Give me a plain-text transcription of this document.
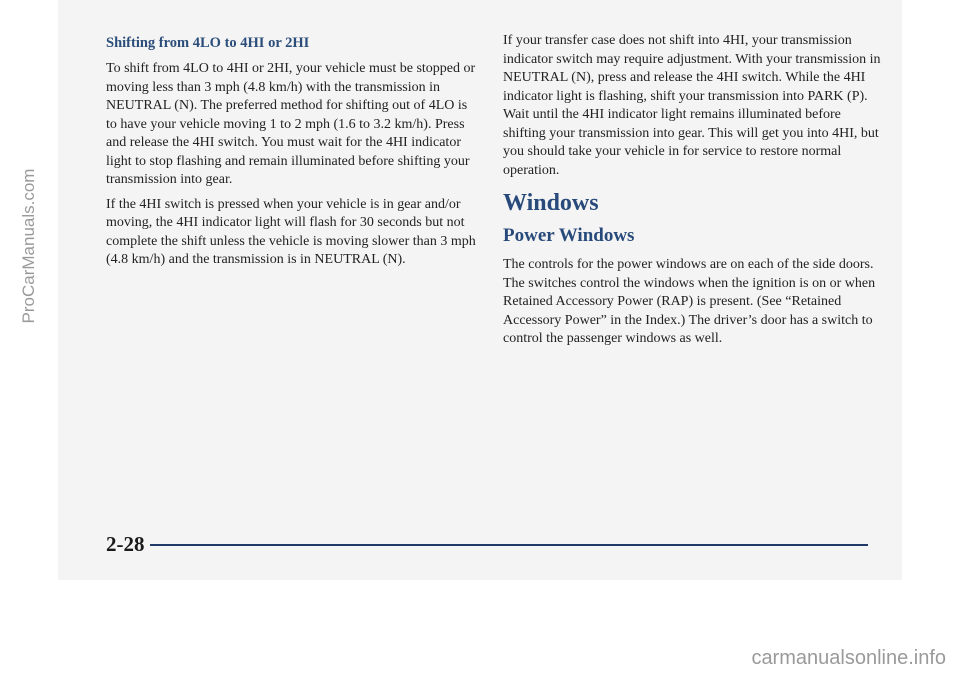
Shifting from 4LO to 4HI or 2HI

To shift from 4LO to 4HI or 2HI, your vehicle must be stopped or moving less than 3 mph (4.8 km/h) with the transmission in NEUTRAL (N). The preferred method for shifting out of 4LO is to have your vehicle moving 1 to 2 mph (1.6 to 3.2 km/h). Press and release the 4HI switch. You must wait for the 4HI indicator light to stop flashing and remain illuminated before shifting your transmission into gear.

If the 4HI switch is pressed when your vehicle is in gear and/or moving, the 4HI indicator light will flash for 30 seconds but not complete the shift unless the vehicle is moving slower than 3 mph (4.8 km/h) and the transmission is in NEUTRAL (N).

If your transfer case does not shift into 4HI, your transmission indicator switch may require adjustment. With your transmission in NEUTRAL (N), press and release the 4HI switch. While the 4HI indicator light is flashing, shift your transmission into PARK (P). Wait until the 4HI indicator light remains illuminated before shifting your transmission into gear. This will get you into 4HI, but you should take your vehicle in for service to restore normal operation.

Windows
Power Windows

The controls for the power windows are on each of the side doors. The switches control the windows when the ignition is on or when Retained Accessory Power (RAP) is present. (See “Retained Accessory Power” in the Index.) The driver’s door has a switch to control the passenger windows as well.

2-28
ProCarManuals.com
carmanualsonline.info
